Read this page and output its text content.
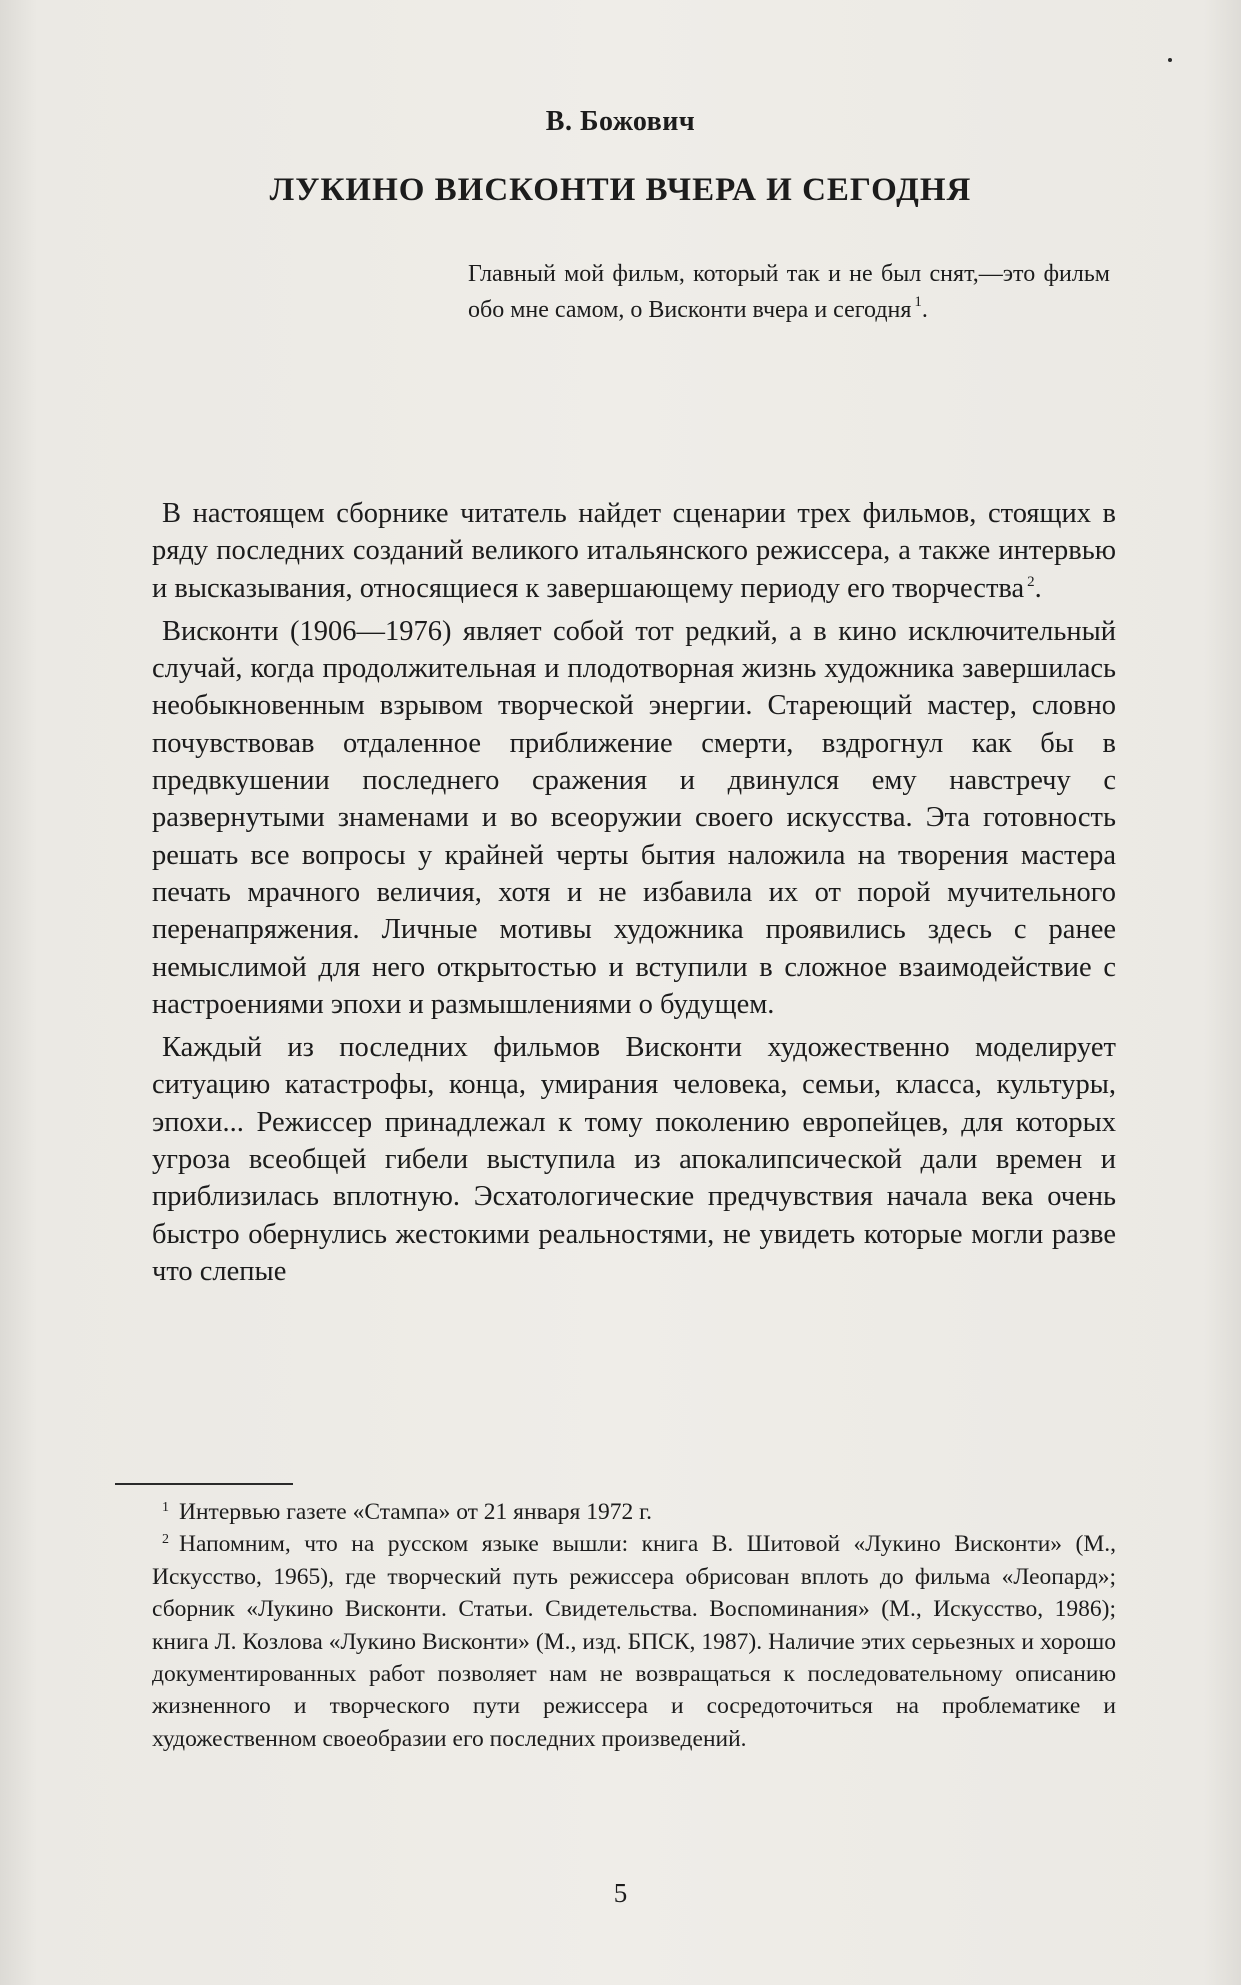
В. Божович
ЛУКИНО ВИСКОНТИ ВЧЕРА И СЕГОДНЯ
Главный мой фильм, который так и не был снят,—это фильм обо мне самом, о Висконти вчера и сегодня $^1$.

В настоящем сборнике читатель найдет сценарии трех фильмов, стоящих в ряду последних созданий великого итальянского режиссера, а также интервью и высказывания, относящиеся к завершающему периоду его творчества $^2$.

Висконти (1906—1976) являет собой тот редкий, а в кино исключительный случай, когда продолжительная и плодотворная жизнь художника завершилась необыкновенным взрывом творческой энергии. Стареющий мастер, словно почувствовав отдаленное приближение смерти, вздрогнул как бы в предвкушении последнего сражения и двинулся ему навстречу с развернутыми знаменами и во всеоружии своего искусства. Эта готовность решать все вопросы у крайней черты бытия наложила на творения мастера печать мрачного величия, хотя и не избавила их от порой мучительного перенапряжения. Личные мотивы художника проявились здесь с ранее немыслимой для него открытостью и вступили в сложное взаимодействие с настроениями эпохи и размышлениями о будущем.

Каждый из последних фильмов Висконти художественно моделирует ситуацию катастрофы, конца, умирания человека, семьи, класса, культуры, эпохи... Режиссер принадлежал к тому поколению европейцев, для которых угроза всеобщей гибели выступила из апокалипсической дали времен и приблизилась вплотную. Эсхатологические предчувствия начала века очень быстро обернулись жестокими реальностями, не увидеть которые могли разве что слепые

$^1$ Интервью газете «Стампа» от 21 января 1972 г.

$^2$ Напомним, что на русском языке вышли: книга В. Шитовой «Лукино Висконти» (М., Искусство, 1965), где творческий путь режиссера обрисован вплоть до фильма «Леопард»; сборник «Лукино Висконти. Статьи. Свидетельства. Воспоминания» (М., Искусство, 1986); книга Л. Козлова «Лукино Висконти» (М., изд. БПСК, 1987). Наличие этих серьезных и хорошо документированных работ позволяет нам не возвращаться к последовательному описанию жизненного и творческого пути режиссера и сосредоточиться на проблематике и художественном своеобразии его последних произведений.

5
